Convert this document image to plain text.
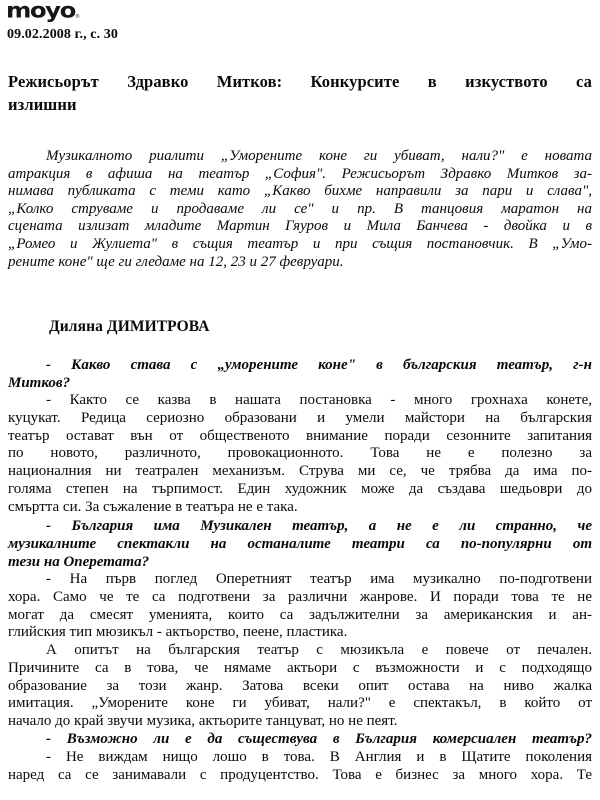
moyo ®
09.02.2008 г., с. 30
Режисьорът Здравко Митков: Конкурсите в изкуството са
излишни
Музикалното риалити „Уморените коне ги убиват, нали?" е новата
атракция в афиша на театър „София". Режисьорът Здравко Митков за-
нимава публиката с теми като „Какво бихме направили за пари и слава",
„Колко струваме и продаваме ли се" и пр. В танцовия маратон на
сцената излизат младите Мартин Гяуров и Мила Банчева - двойка и в
„Ромео и Жулиета" в същия театър и при същия постановчик. В „Умо-
рените коне" ще ги гледаме на 12, 23 и 27 февруари.
Диляна ДИМИТРОВА
- Какво става с „уморените коне" в българския театър, г-н
Митков?
- Както се казва в нашата постановка - много грохнаха конете,
куцукат. Редица сериозно образовани и умели майстори на българския
театър остават вън от общественото внимание поради сезонните запитания
по новото, различното, провокационното. Това не е полезно за
националния ни театрален механизъм. Струва ми се, че трябва да има по-
голяма степен на търпимост. Един художник може да създава шедьоври до
смъртта си. За съжаление в театъра не е така.
- България има Музикален театър, а не е ли странно, че
музикалните спектакли на останалите театри са по-популярни от
тези на Оперетата?
- На първ поглед Оперетният театър има музикално по-подготвени
хора. Само че те са подготвени за различни жанрове. И поради това те не
могат да смесят умениятa, които са задължителни за американския и ан-
глийския тип мюзикъл - актьорство, пеене, пластика.
А опитът на българския театър с мюзикъла е повече от печален.
Причините са в това, че нямаме актьори с възможности и с подходящо
образование за този жанр. Затова всеки опит остава на ниво жалка
имитация. „Уморените коне ги убиват, нали?" е спектакъл, в който от
начало до край звучи музика, актьорите танцуват, но не пеят.
- Възможно ли е да съществува в България комерсиален театър?
- Не виждам нищо лошо в това. В Англия и в Щатите поколения
наред са се занимавали с продуцентство. Това е бизнес за много хора. Те
